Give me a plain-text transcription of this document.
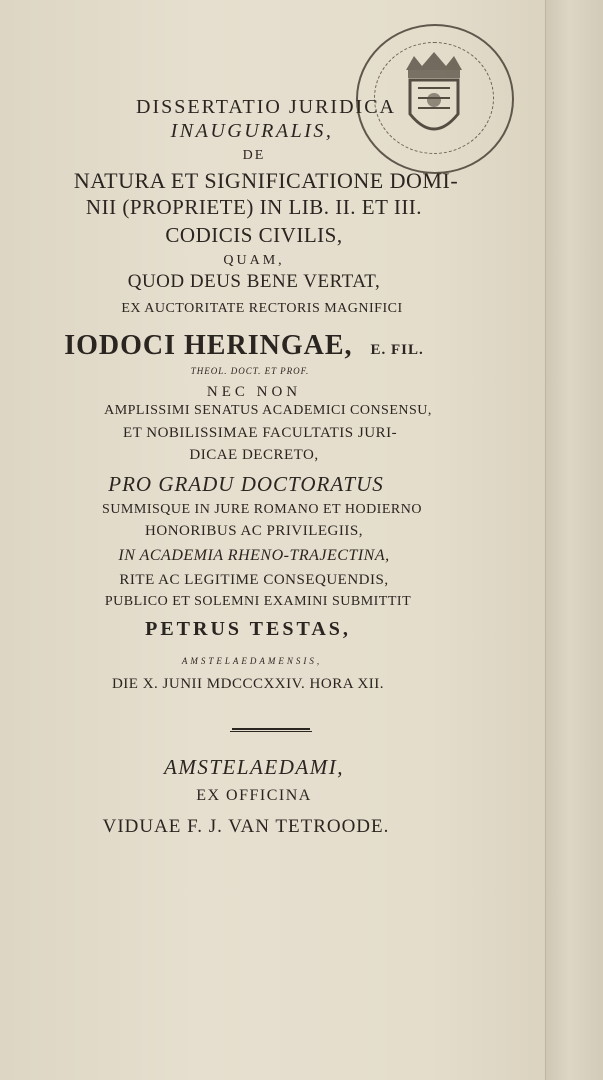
DISSERTATIO JURIDICA
INAUGURALIS,
DE
NATURA ET SIGNIFICATIONE DOMI-
NII (PROPRIETE) IN LIB. II. ET III.
CODICIS CIVILIS,
QUAM,
QUOD DEUS BENE VERTAT,
EX AUCTORITATE RECTORIS MAGNIFICI
IODOCI HERINGAE, E. FIL.
THEOL. DOCT. ET PROF.
NEC NON
AMPLISSIMI SENATUS ACADEMICI CONSENSU,
ET NOBILISSIMAE FACULTATIS JURI-
DICAE DECRETO,
PRO GRADU DOCTORATUS
SUMMISQUE IN JURE ROMANO ET HODIERNO
HONORIBUS AC PRIVILEGIIS,
IN ACADEMIA RHENO-TRAJECTINA,
RITE AC LEGITIME CONSEQUENDIS,
PUBLICO ET SOLEMNI EXAMINI SUBMITTIT
PETRUS TESTAS,
AMSTELAEDAMENSIS,
DIE X. JUNII MDCCCXXIV. HORA XII.
AMSTELAEDAMI,
EX OFFICINA
VIDUAE F. J. VAN TETROODE.
